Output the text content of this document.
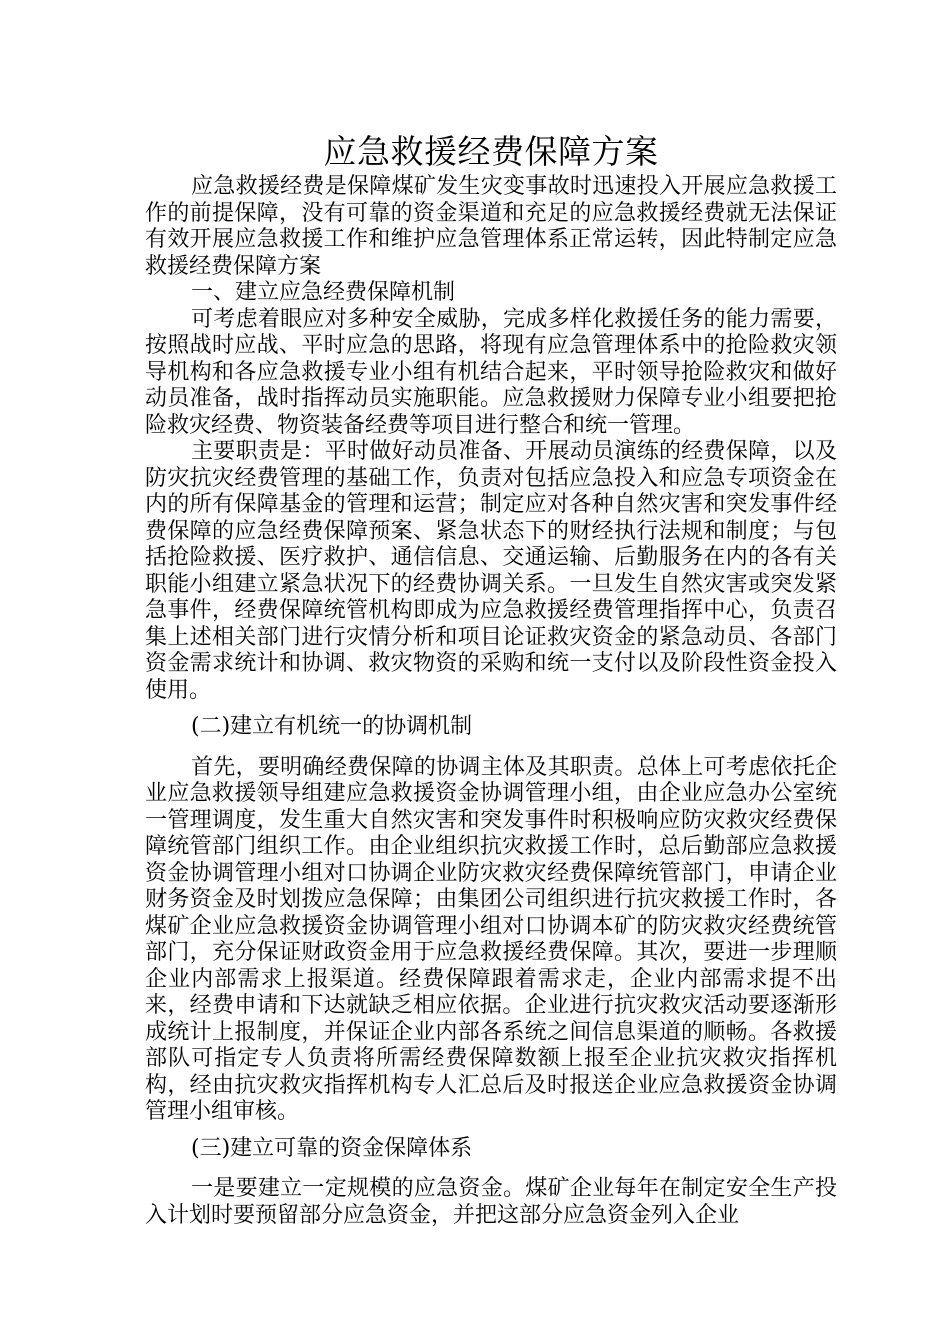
应急救援经费保障方案

应急救援经费是保障煤矿发生灾变事故时迅速投入开展应急救援工作的前提保障，没有可靠的资金渠道和充足的应急救援经费就无法保证有效开展应急救援工作和维护应急管理体系正常运转，因此特制定应急救援经费保障方案

一、建立应急经费保障机制

可考虑着眼应对多种安全威胁，完成多样化救援任务的能力需要，按照战时应战、平时应急的思路，将现有应急管理体系中的抢险救灾领导机构和各应急救援专业小组有机结合起来，平时领导抢险救灾和做好动员准备，战时指挥动员实施职能。应急救援财力保障专业小组要把抢险救灾经费、物资装备经费等项目进行整合和统一管理。

主要职责是：平时做好动员准备、开展动员演练的经费保障，以及防灾抗灾经费管理的基础工作，负责对包括应急投入和应急专项资金在内的所有保障基金的管理和运营；制定应对各种自然灾害和突发事件经费保障的应急经费保障预案、紧急状态下的财经执行法规和制度；与包括抢险救援、医疗救护、通信信息、交通运输、后勤服务在内的各有关职能小组建立紧急状况下的经费协调关系。一旦发生自然灾害或突发紧急事件，经费保障统管机构即成为应急救援经费管理指挥中心，负责召集上述相关部门进行灾情分析和项目论证救灾资金的紧急动员、各部门资金需求统计和协调、救灾物资的采购和统一支付以及阶段性资金投入使用。

(二)建立有机统一的协调机制

首先，要明确经费保障的协调主体及其职责。总体上可考虑依托企业应急救援领导组建应急救援资金协调管理小组，由企业应急办公室统一管理调度，发生重大自然灾害和突发事件时积极响应防灾救灾经费保障统管部门组织工作。由企业组织抗灾救援工作时，总后勤部应急救援资金协调管理小组对口协调企业防灾救灾经费保障统管部门，申请企业财务资金及时划拨应急保障；由集团公司组织进行抗灾救援工作时，各煤矿企业应急救援资金协调管理小组对口协调本矿的防灾救灾经费统管部门，充分保证财政资金用于应急救援经费保障。其次，要进一步理顺企业内部需求上报渠道。经费保障跟着需求走，企业内部需求提不出来，经费申请和下达就缺乏相应依据。企业进行抗灾救灾活动要逐渐形成统计上报制度，并保证企业内部各系统之间信息渠道的顺畅。各救援部队可指定专人负责将所需经费保障数额上报至企业抗灾救灾指挥机构，经由抗灾救灾指挥机构专人汇总后及时报送企业应急救援资金协调管理小组审核。

(三)建立可靠的资金保障体系

一是要建立一定规模的应急资金。煤矿企业每年在制定安全生产投入计划时要预留部分应急资金，并把这部分应急资金列入企业
